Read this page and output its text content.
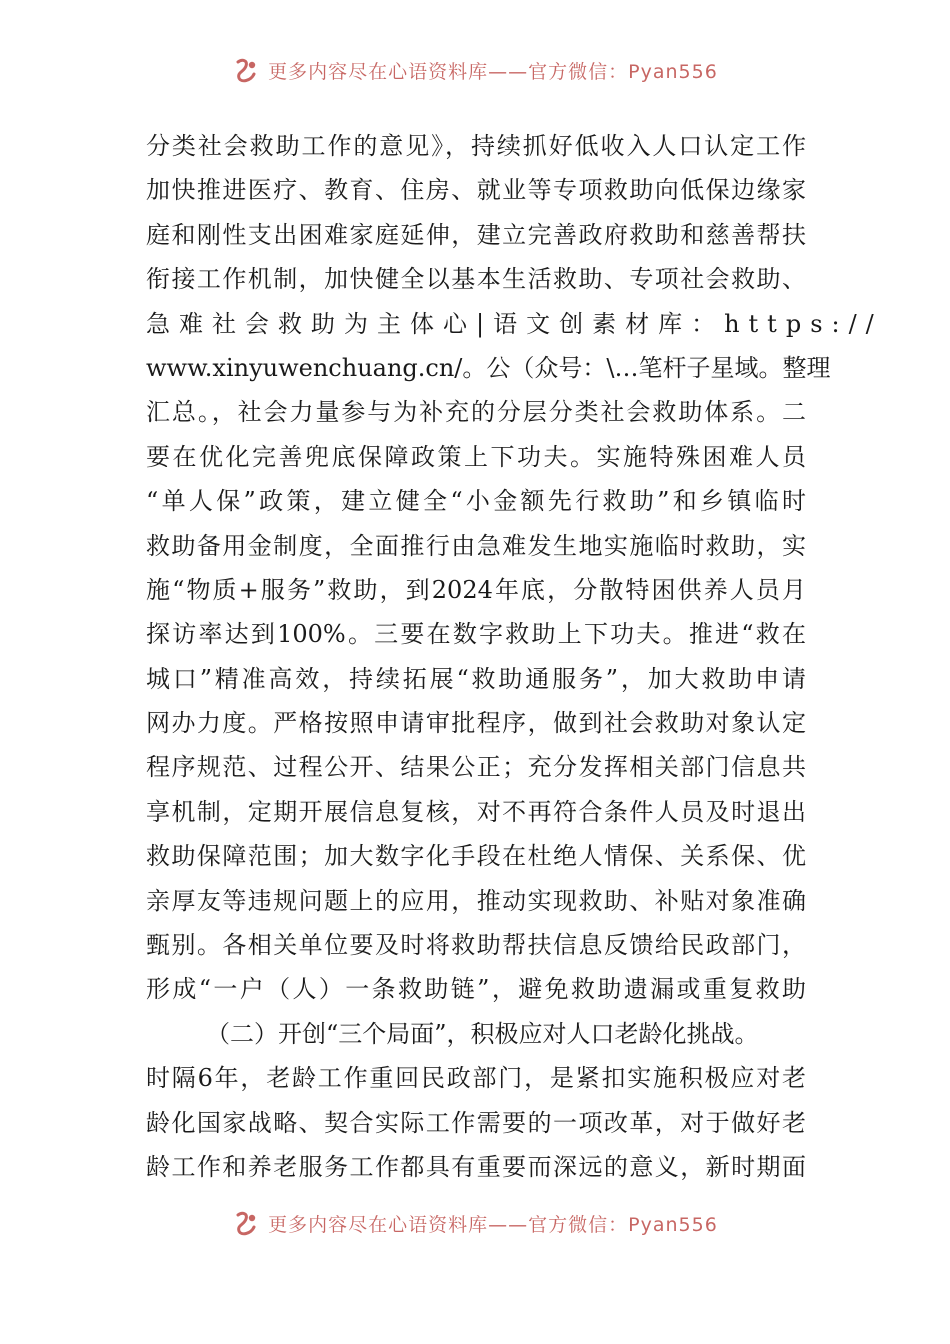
更多内容尽在心语资料库——官方微信：Pyan556
分类社会救助工作的意见》，持续抓好低收入人口认定工作
加快推进医疗、教育、住房、就业等专项救助向低保边缘家
庭和刚性支出困难家庭延伸，建立完善政府救助和慈善帮扶
衔接工作机制，加快健全以基本生活救助、专项社会救助、
急难社会救助为主体心|语文创素材库：https://
www.xinyuwenchuang.cn/。公（众号：\…笔杆子星域。整理
汇总。，社会力量参与为补充的分层分类社会救助体系。二
要在优化完善兜底保障政策上下功夫。实施特殊困难人员
“单人保”政策，建立健全“小金额先行救助”和乡镇临时
救助备用金制度，全面推行由急难发生地实施临时救助，实
施“物质+服务”救助，到2024年底，分散特困供养人员月
探访率达到100%。三要在数字救助上下功夫。推进“救在
城口”精准高效，持续拓展“救助通服务”，加大救助申请
网办力度。严格按照申请审批程序，做到社会救助对象认定
程序规范、过程公开、结果公正；充分发挥相关部门信息共
享机制，定期开展信息复核，对不再符合条件人员及时退出
救助保障范围；加大数字化手段在杜绝人情保、关系保、优
亲厚友等违规问题上的应用，推动实现救助、补贴对象准确
甄别。各相关单位要及时将救助帮扶信息反馈给民政部门，
形成“一户（人）一条救助链”，避免救助遗漏或重复救助
（二）开创“三个局面”，积极应对人口老龄化挑战。
时隔6年，老龄工作重回民政部门，是紧扣实施积极应对老
龄化国家战略、契合实际工作需要的一项改革，对于做好老
龄工作和养老服务工作都具有重要而深远的意义，新时期面
更多内容尽在心语资料库——官方微信：Pyan556
